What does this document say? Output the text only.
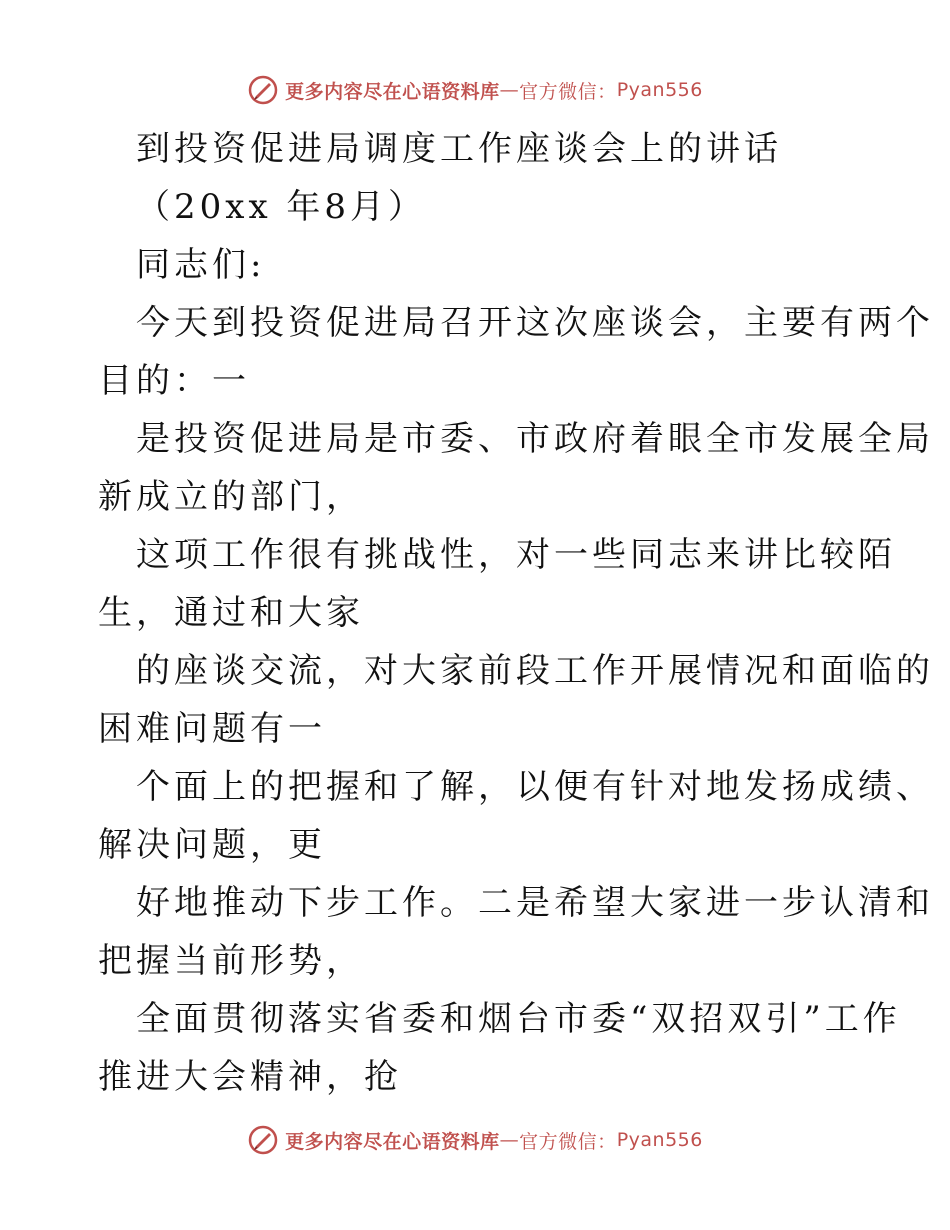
更多内容尽在心语资料库 — 官方微信： Pyan556

到投资促进局调度工作座谈会上的讲话

（20xx 年8月）

同志们:

今天到投资促进局召开这次座谈会，主要有两个

目的：一

是投资促进局是市委、市政府着眼全市发展全局

新成立的部门，

这项工作很有挑战性，对一些同志来讲比较陌

生，通过和大家

的座谈交流，对大家前段工作开展情况和面临的

困难问题有一

个面上的把握和了解，以便有针对地发扬成绩、

解决问题，更

好地推动下步工作。二是希望大家进一步认清和

把握当前形势，

全面贯彻落实省委和烟台市委“双招双引”工作

推进大会精神，抢

更多内容尽在心语资料库 — 官方微信： Pyan556
